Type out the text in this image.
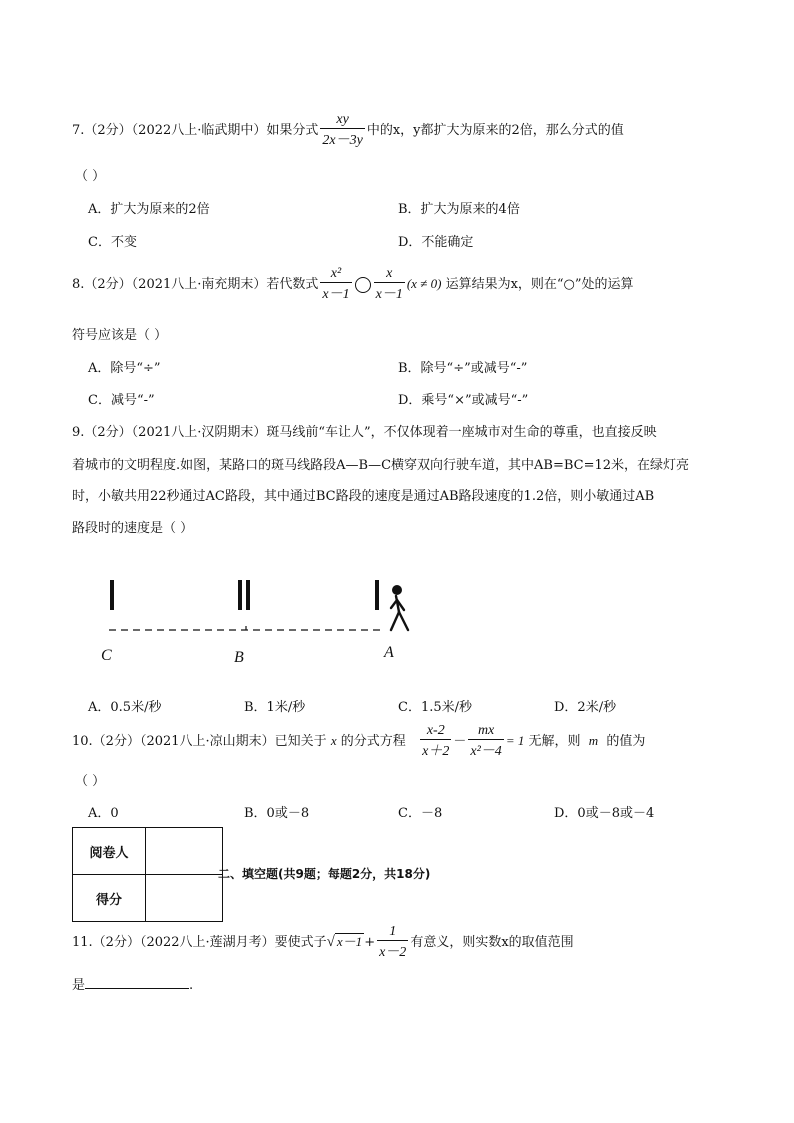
7.（2分）（2022八上·临武期中）如果分式 $\frac{xy}{2x-3y}$ 中的x，y都扩大为原来的2倍，那么分式的值
（ ）
A．扩大为原来的2倍	B．扩大为原来的4倍
C．不变	D．不能确定
8.（2分）（2021八上·南充期末）若代数式 $\frac{\text{x²}}{x-1} \frac{x}{x-1} (x \ne 0)$ 运算结果为x，则在“○”处的运算
符号应该是（ ）
A．除号“÷”	B．除号“÷”或减号“-”
C．减号“-”	D．乘号“×”或减号“-”
9.（2分）（2021八上·汉阴期末）斑马线前“车让人”，不仅体现着一座城市对生命的尊重，也直接反映
着城市的文明程度.如图，某路口的斑马线路段A—B—C横穿双向行驶车道，其中AB=BC=12米，在绿灯亮
时，小敏共用22秒通过AC路段，其中通过BC路段的速度是通过AB路段速度的1.2倍，则小敏通过AB
路段时的速度是（ ）
C	B	A
A．0.5米/秒	B．1米/秒	C．1.5米/秒	D．2米/秒
10.（2分）（2021八上·凉山期末）已知关于 x 的分式方程 $\frac{x-2}{x+2} - \frac{mx}{\text{x²－4}} = 1$ 无解，则 m 的值为
（ ）
A．0	B．0或－8	C．－8	D．0或－8或－4
阅卷人	
得分	
二、填空题(共9题；每题2分，共18分)
11.（2分）（2022八上·莲湖月考）要使式子√ $x-1 + \frac{1}{x-2}$ 有意义，则实数x的取值范围
是	.
